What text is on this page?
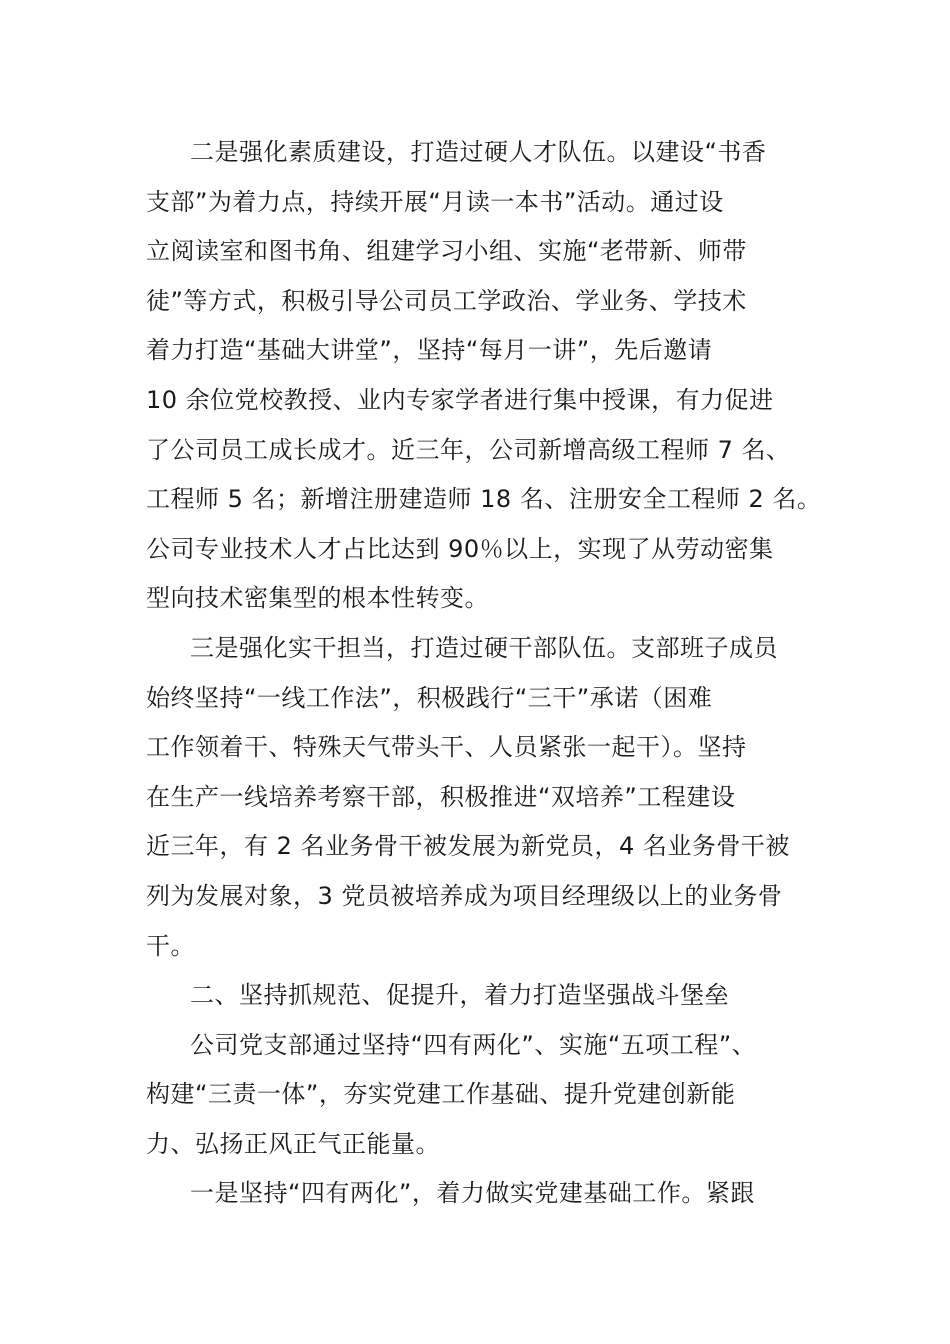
二是强化素质建设，打造过硬人才队伍。以建设“书香
支部”为着力点，持续开展“月读一本书”活动。通过设
立阅读室和图书角、组建学习小组、实施“老带新、师带
徒”等方式，积极引导公司员工学政治、学业务、学技术
着力打造“基础大讲堂”，坚持“每月一讲”，先后邀请
10 余位党校教授、业内专家学者进行集中授课，有力促进
了公司员工成长成才。近三年，公司新增高级工程师 7 名、
工程师 5 名；新增注册建造师 18 名、注册安全工程师 2 名。
公司专业技术人才占比达到 90％以上，实现了从劳动密集
型向技术密集型的根本性转变。
三是强化实干担当，打造过硬干部队伍。支部班子成员
始终坚持“一线工作法”，积极践行“三干”承诺（困难
工作领着干、特殊天气带头干、人员紧张一起干）。坚持
在生产一线培养考察干部，积极推进“双培养”工程建设
近三年，有 2 名业务骨干被发展为新党员，4 名业务骨干被
列为发展对象，3 党员被培养成为项目经理级以上的业务骨
干。
二、坚持抓规范、促提升，着力打造坚强战斗堡垒
公司党支部通过坚持“四有两化”、实施“五项工程”、
构建“三责一体”，夯实党建工作基础、提升党建创新能
力、弘扬正风正气正能量。
一是坚持“四有两化”，着力做实党建基础工作。紧跟
